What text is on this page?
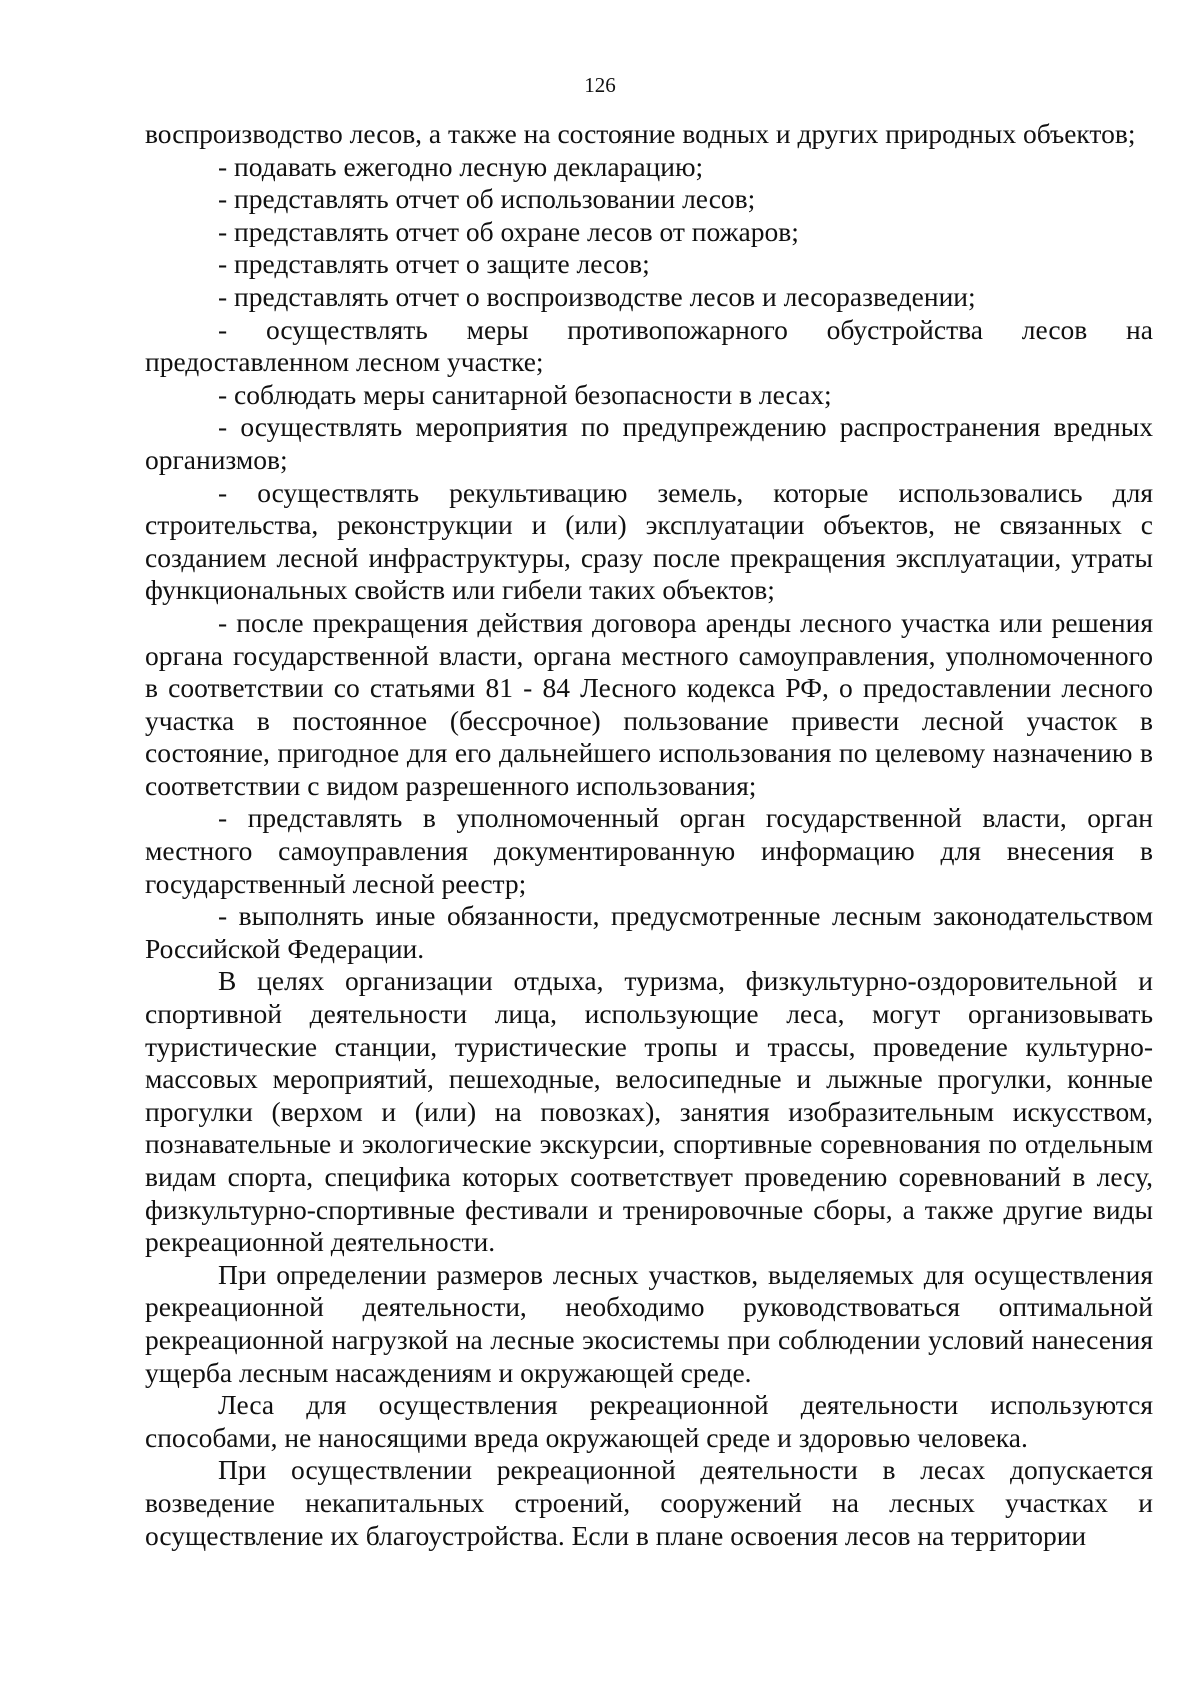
126

воспроизводство лесов, а также на состояние водных и других природных объектов;

- подавать ежегодно лесную декларацию;

- представлять отчет об использовании лесов;

- представлять отчет об охране лесов от пожаров;

- представлять отчет о защите лесов;

- представлять отчет о воспроизводстве лесов и лесоразведении;

- осуществлять меры противопожарного обустройства лесов на предоставленном лесном участке;

- соблюдать меры санитарной безопасности в лесах;

- осуществлять мероприятия по предупреждению распространения вредных организмов;

- осуществлять рекультивацию земель, которые использовались для строительства, реконструкции и (или) эксплуатации объектов, не связанных с созданием лесной инфраструктуры, сразу после прекращения эксплуатации, утраты функциональных свойств или гибели таких объектов;

- после прекращения действия договора аренды лесного участка или решения органа государственной власти, органа местного самоуправления, уполномоченного в соответствии со статьями 81 - 84 Лесного кодекса РФ, о предоставлении лесного участка в постоянное (бессрочное) пользование привести лесной участок в состояние, пригодное для его дальнейшего использования по целевому назначению в соответствии с видом разрешенного использования;

- представлять в уполномоченный орган государственной власти, орган местного самоуправления документированную информацию для внесения в государственный лесной реестр;

- выполнять иные обязанности, предусмотренные лесным законодательством Российской Федерации.

В целях организации отдыха, туризма, физкультурно-оздоровительной и спортивной деятельности лица, использующие леса, могут организовывать туристические станции, туристические тропы и трассы, проведение культурно-массовых мероприятий, пешеходные, велосипедные и лыжные прогулки, конные прогулки (верхом и (или) на повозках), занятия изобразительным искусством, познавательные и экологические экскурсии, спортивные соревнования по отдельным видам спорта, специфика которых соответствует проведению соревнований в лесу, физкультурно-спортивные фестивали и тренировочные сборы, а также другие виды рекреационной деятельности.

При определении размеров лесных участков, выделяемых для осуществления рекреационной деятельности, необходимо руководствоваться оптимальной рекреационной нагрузкой на лесные экосистемы при соблюдении условий нанесения ущерба лесным насаждениям и окружающей среде.

Леса для осуществления рекреационной деятельности используются способами, не наносящими вреда окружающей среде и здоровью человека.

При осуществлении рекреационной деятельности в лесах допускается возведение некапитальных строений, сооружений на лесных участках и осуществление их благоустройства. Если в плане освоения лесов на территории
